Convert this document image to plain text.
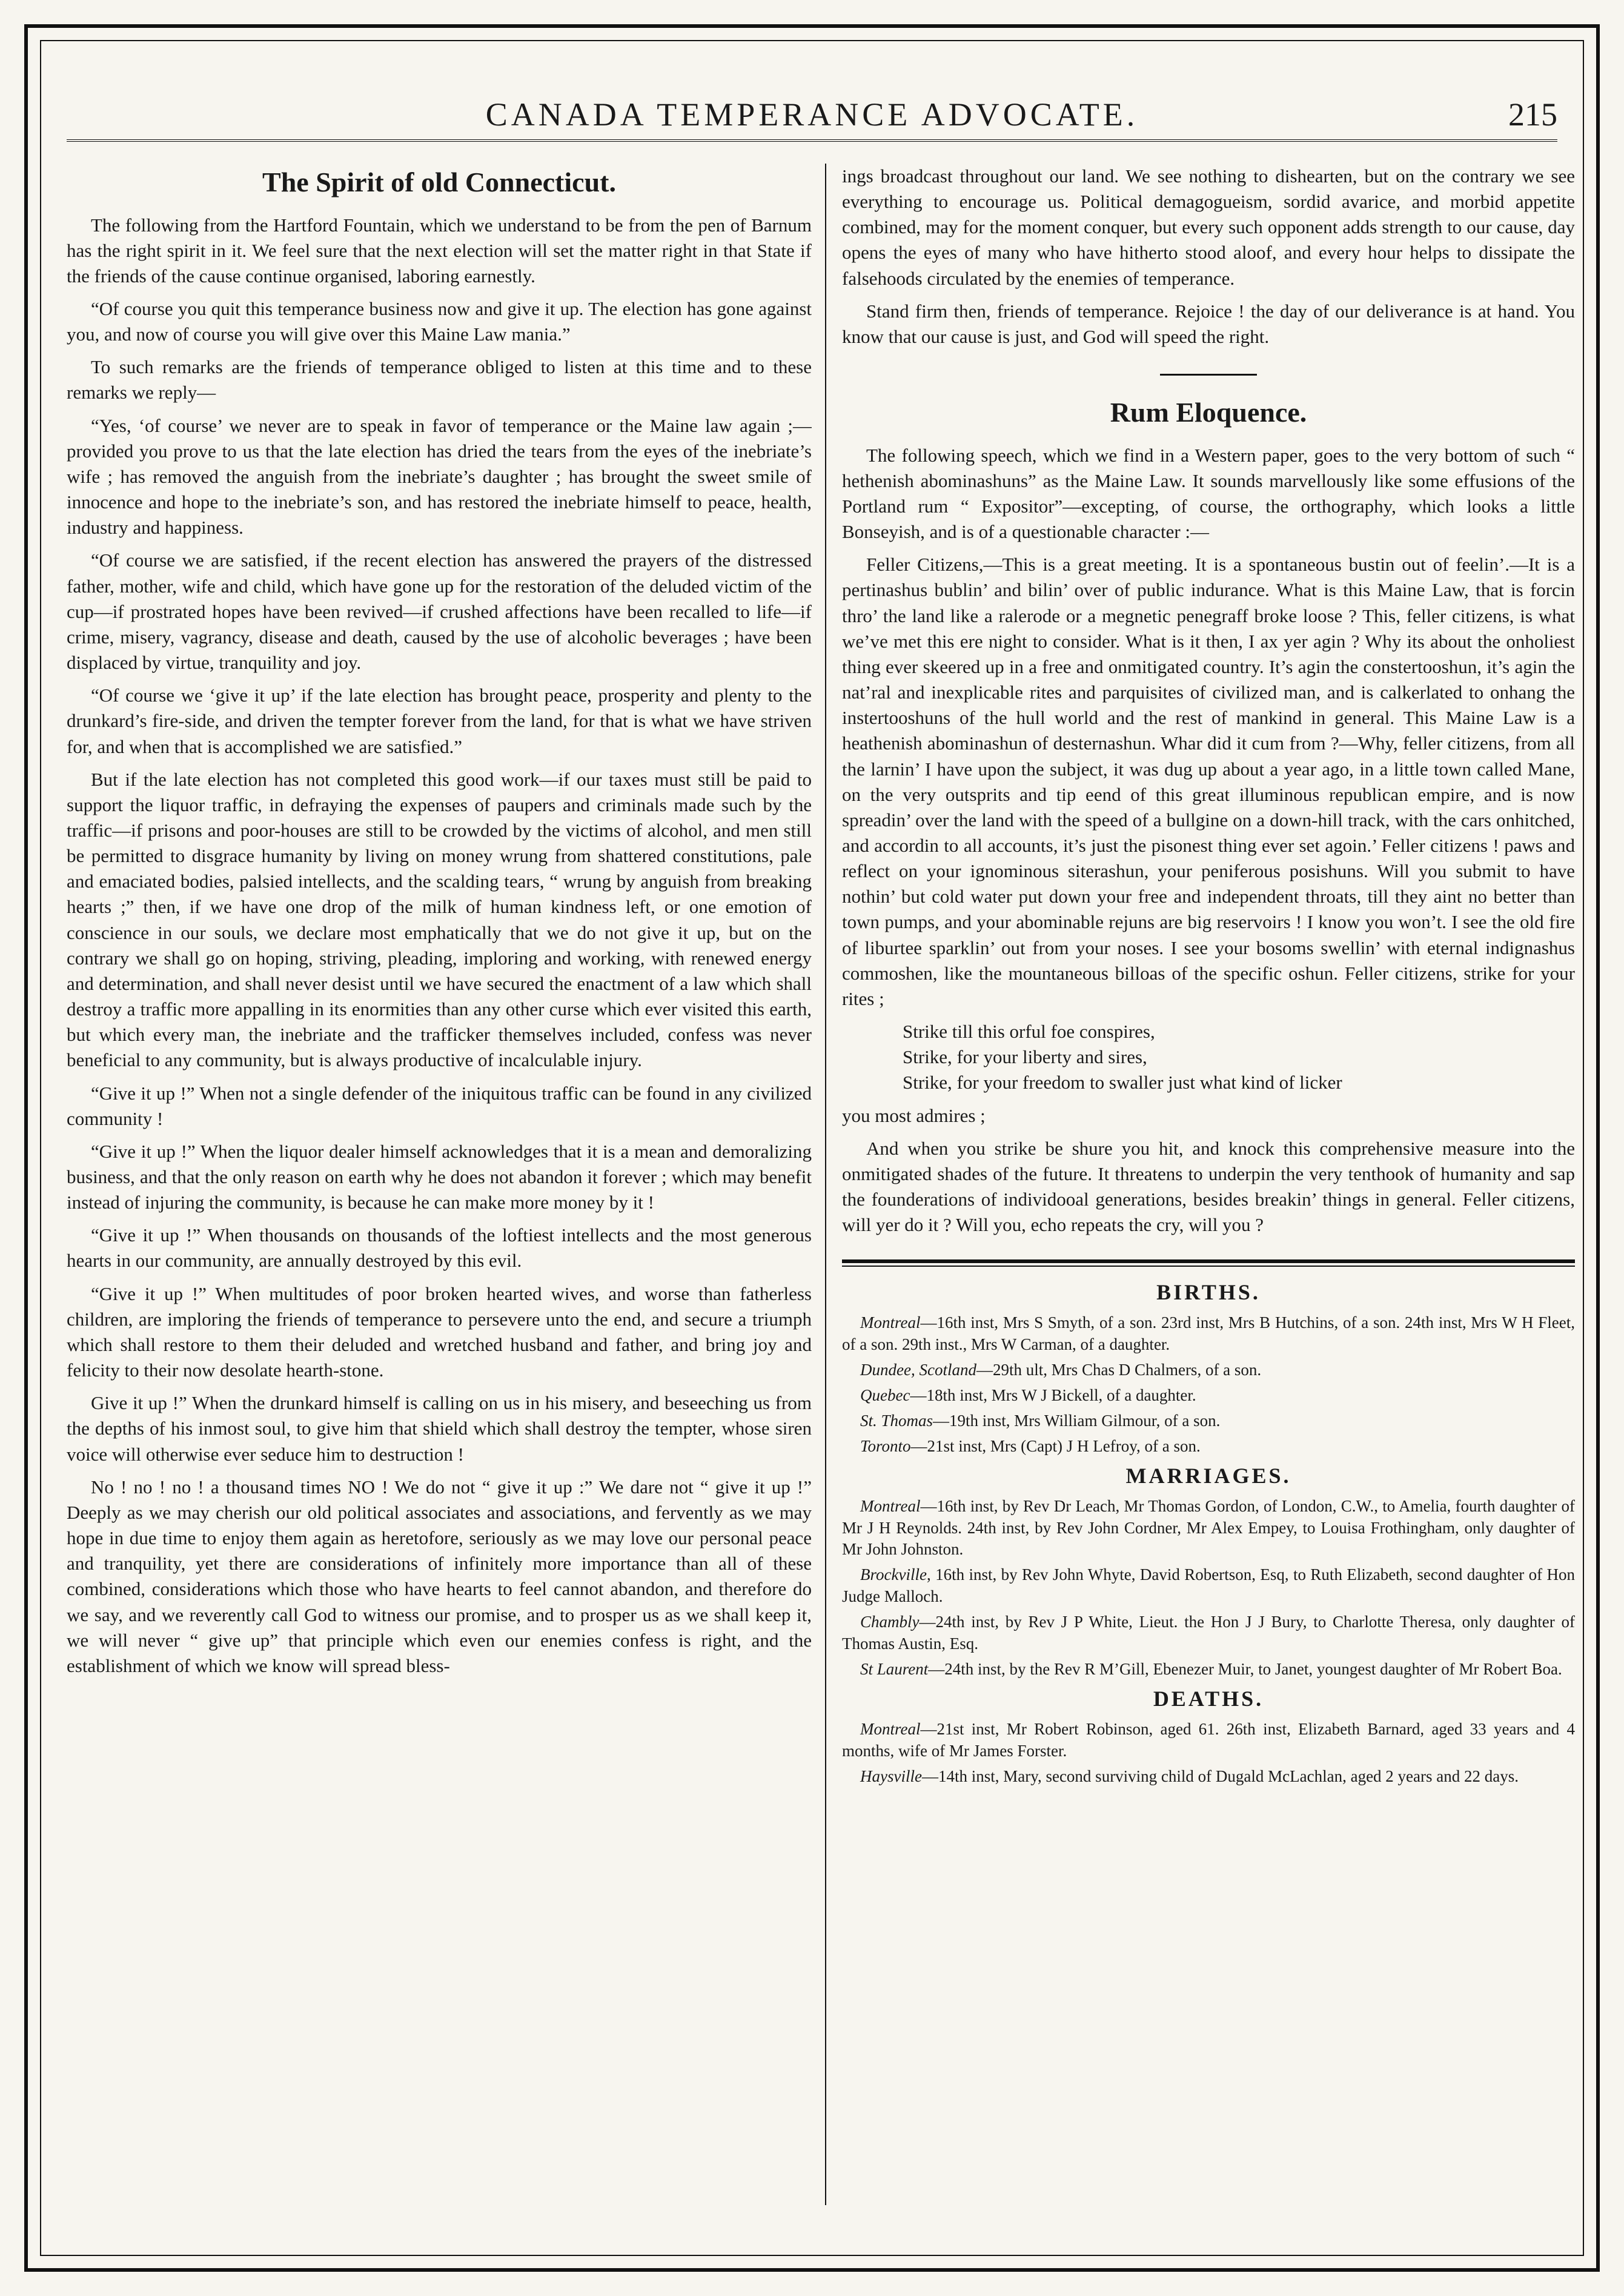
CANADA TEMPERANCE ADVOCATE.	215
The Spirit of old Connecticut.

The following from the Hartford Fountain, which we understand to be from the pen of Barnum has the right spirit in it. We feel sure that the next election will set the matter right in that State if the friends of the cause continue organised, laboring earnestly.

“Of course you quit this temperance business now and give it up. The election has gone against you, and now of course you will give over this Maine Law mania.”

To such remarks are the friends of temperance obliged to listen at this time and to these remarks we reply—

“Yes, ‘of course’ we never are to speak in favor of temperance or the Maine law again ;—provided you prove to us that the late election has dried the tears from the eyes of the inebriate’s wife ; has removed the anguish from the inebriate’s daughter ; has brought the sweet smile of innocence and hope to the inebriate’s son, and has restored the inebriate himself to peace, health, industry and happiness.

“Of course we are satisfied, if the recent election has answered the prayers of the distressed father, mother, wife and child, which have gone up for the restoration of the deluded victim of the cup—if prostrated hopes have been revived—if crushed affections have been recalled to life—if crime, misery, vagrancy, disease and death, caused by the use of alcoholic beverages ; have been displaced by virtue, tranquility and joy.

“Of course we ‘give it up’ if the late election has brought peace, prosperity and plenty to the drunkard’s fire-side, and driven the tempter forever from the land, for that is what we have striven for, and when that is accomplished we are satisfied.”

But if the late election has not completed this good work—if our taxes must still be paid to support the liquor traffic, in defraying the expenses of paupers and criminals made such by the traffic—if prisons and poor-houses are still to be crowded by the victims of alcohol, and men still be permitted to disgrace humanity by living on money wrung from shattered constitutions, pale and emaciated bodies, palsied intellects, and the scalding tears, “ wrung by anguish from breaking hearts ;” then, if we have one drop of the milk of human kindness left, or one emotion of conscience in our souls, we declare most emphatically that we do not give it up, but on the contrary we shall go on hoping, striving, pleading, imploring and working, with renewed energy and determination, and shall never desist until we have secured the enactment of a law which shall destroy a traffic more appalling in its enormities than any other curse which ever visited this earth, but which every man, the inebriate and the trafficker themselves included, confess was never beneficial to any community, but is always productive of incalculable injury.

“Give it up !” When not a single defender of the iniquitous traffic can be found in any civilized community !

“Give it up !” When the liquor dealer himself acknowledges that it is a mean and demoralizing business, and that the only reason on earth why he does not abandon it forever ; which may benefit instead of injuring the community, is because he can make more money by it !

“Give it up !” When thousands on thousands of the loftiest intellects and the most generous hearts in our community, are annually destroyed by this evil.

“Give it up !” When multitudes of poor broken hearted wives, and worse than fatherless children, are imploring the friends of temperance to persevere unto the end, and secure a triumph which shall restore to them their deluded and wretched husband and father, and bring joy and felicity to their now desolate hearth-stone.

Give it up !” When the drunkard himself is calling on us in his misery, and beseeching us from the depths of his inmost soul, to give him that shield which shall destroy the tempter, whose siren voice will otherwise ever seduce him to destruction !

No ! no ! no ! a thousand times NO ! We do not “ give it up :” We dare not “ give it up !” Deeply as we may cherish our old political associates and associations, and fervently as we may hope in due time to enjoy them again as heretofore, seriously as we may love our personal peace and tranquility, yet there are considerations of infinitely more importance than all of these combined, considerations which those who have hearts to feel cannot abandon, and therefore do we say, and we reverently call God to witness our promise, and to prosper us as we shall keep it, we will never “ give up” that principle which even our enemies confess is right, and the establishment of which we know will spread bless-

ings broadcast throughout our land. We see nothing to dishearten, but on the contrary we see everything to encourage us. Political demagogueism, sordid avarice, and morbid appetite combined, may for the moment conquer, but every such opponent adds strength to our cause, day opens the eyes of many who have hitherto stood aloof, and every hour helps to dissipate the falsehoods circulated by the enemies of temperance.

Stand firm then, friends of temperance. Rejoice ! the day of our deliverance is at hand. You know that our cause is just, and God will speed the right.

Rum Eloquence.

The following speech, which we find in a Western paper, goes to the very bottom of such “ hethenish abominashuns” as the Maine Law. It sounds marvellously like some effusions of the Portland rum “ Expositor”—excepting, of course, the orthography, which looks a little Bonseyish, and is of a questionable character :—

Feller Citizens,—This is a great meeting. It is a spontaneous bustin out of feelin’.—It is a pertinashus bublin’ and bilin’ over of public indurance. What is this Maine Law, that is forcin thro’ the land like a ralerode or a megnetic penegraff broke loose ? This, feller citizens, is what we’ve met this ere night to consider. What is it then, I ax yer agin ? Why its about the onholiest thing ever skeered up in a free and onmitigated country. It’s agin the constertooshun, it’s agin the nat’ral and inexplicable rites and parquisites of civilized man, and is calkerlated to onhang the instertooshuns of the hull world and the rest of mankind in general. This Maine Law is a heathenish abominashun of desternashun. Whar did it cum from ?—Why, feller citizens, from all the larnin’ I have upon the subject, it was dug up about a year ago, in a little town called Mane, on the very outsprits and tip eend of this great illuminous republican empire, and is now spreadin’ over the land with the speed of a bullgine on a down-hill track, with the cars onhitched, and accordin to all accounts, it’s just the pisonest thing ever set agoin.’ Feller citizens ! paws and reflect on your ignominous siterashun, your peniferous posishuns. Will you submit to have nothin’ but cold water put down your free and independent throats, till they aint no better than town pumps, and your abominable rejuns are big reservoirs ! I know you won’t. I see the old fire of liburtee sparklin’ out from your noses. I see your bosoms swellin’ with eternal indignashus commoshen, like the mountaneous billoas of the specific oshun. Feller citizens, strike for your rites ;

Strike till this orful foe conspires,
Strike, for your liberty and sires,
Strike, for your freedom to swaller just what kind of licker

you most admires ;

And when you strike be shure you hit, and knock this comprehensive measure into the onmitigated shades of the future. It threatens to underpin the very tenthook of humanity and sap the founderations of individooal generations, besides breakin’ things in general. Feller citizens, will yer do it ? Will you, echo repeats the cry, will you ?

BIRTHS.
Montreal—16th inst, Mrs S Smyth, of a son. 23rd inst, Mrs B Hutchins, of a son. 24th inst, Mrs W H Fleet, of a son. 29th inst., Mrs W Carman, of a daughter.
Dundee, Scotland—29th ult, Mrs Chas D Chalmers, of a son.
Quebec—18th inst, Mrs W J Bickell, of a daughter.
St. Thomas—19th inst, Mrs William Gilmour, of a son.
Toronto—21st inst, Mrs (Capt) J H Lefroy, of a son.
MARRIAGES.
Montreal—16th inst, by Rev Dr Leach, Mr Thomas Gordon, of London, C.W., to Amelia, fourth daughter of Mr J H Reynolds. 24th inst, by Rev John Cordner, Mr Alex Empey, to Louisa Frothingham, only daughter of Mr John Johnston.
Brockville, 16th inst, by Rev John Whyte, David Robertson, Esq, to Ruth Elizabeth, second daughter of Hon Judge Malloch.
Chambly—24th inst, by Rev J P White, Lieut. the Hon J J Bury, to Charlotte Theresa, only daughter of Thomas Austin, Esq.
St Laurent—24th inst, by the Rev R M’Gill, Ebenezer Muir, to Janet, youngest daughter of Mr Robert Boa.
DEATHS.
Montreal—21st inst, Mr Robert Robinson, aged 61. 26th inst, Elizabeth Barnard, aged 33 years and 4 months, wife of Mr James Forster.
Haysville—14th inst, Mary, second surviving child of Dugald McLachlan, aged 2 years and 22 days.
